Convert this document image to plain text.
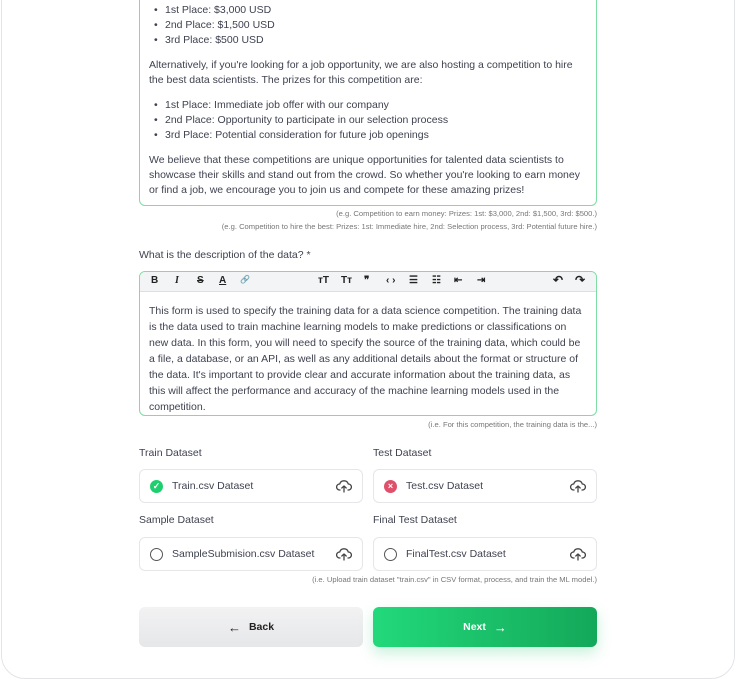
• 1st Place: $3,000 USD
• 2nd Place: $1,500 USD
• 3rd Place: $500 USD

Alternatively, if you're looking for a job opportunity, we are also hosting a competition to hire the best data scientists. The prizes for this competition are:

• 1st Place: Immediate job offer with our company
• 2nd Place: Opportunity to participate in our selection process
• 3rd Place: Potential consideration for future job openings

We believe that these competitions are unique opportunities for talented data scientists to showcase their skills and stand out from the crowd. So whether you're looking to earn money or find a job, we encourage you to join us and compete for these amazing prizes!

(e.g. Competition to earn money: Prizes: 1st: $3,000, 2nd: $1,500, 3rd: $500.)
(e.g. Competition to hire the best: Prizes: 1st: Immediate hire, 2nd: Selection process, 3rd: Potential future hire.)
What is the description of the data? *
B I S A 🔗	ᴛT Tᴛ ❞ ‹ › ☰ ☷ ⇤ ⇥	↶ ↷
This form is used to specify the training data for a data science competition. The training data is the data used to train machine learning models to make predictions or classifications on new data. In this form, you will need to specify the source of the training data, which could be a file, a database, or an API, as well as any additional details about the format or structure of the data. It's important to provide clear and accurate information about the training data, as this will affect the performance and accuracy of the machine learning models used in the competition.
(i.e. For this competition, the training data is the...)
Train Dataset	Test Dataset
Sample Dataset	Final Test Dataset
✓ Train.csv Dataset	×	Test.csv Dataset
SampleSubmision.csv Dataset	FinalTest.csv Dataset
(i.e. Upload train dataset "train.csv" in CSV format, process, and train the ML model.)
← Back	Next →
